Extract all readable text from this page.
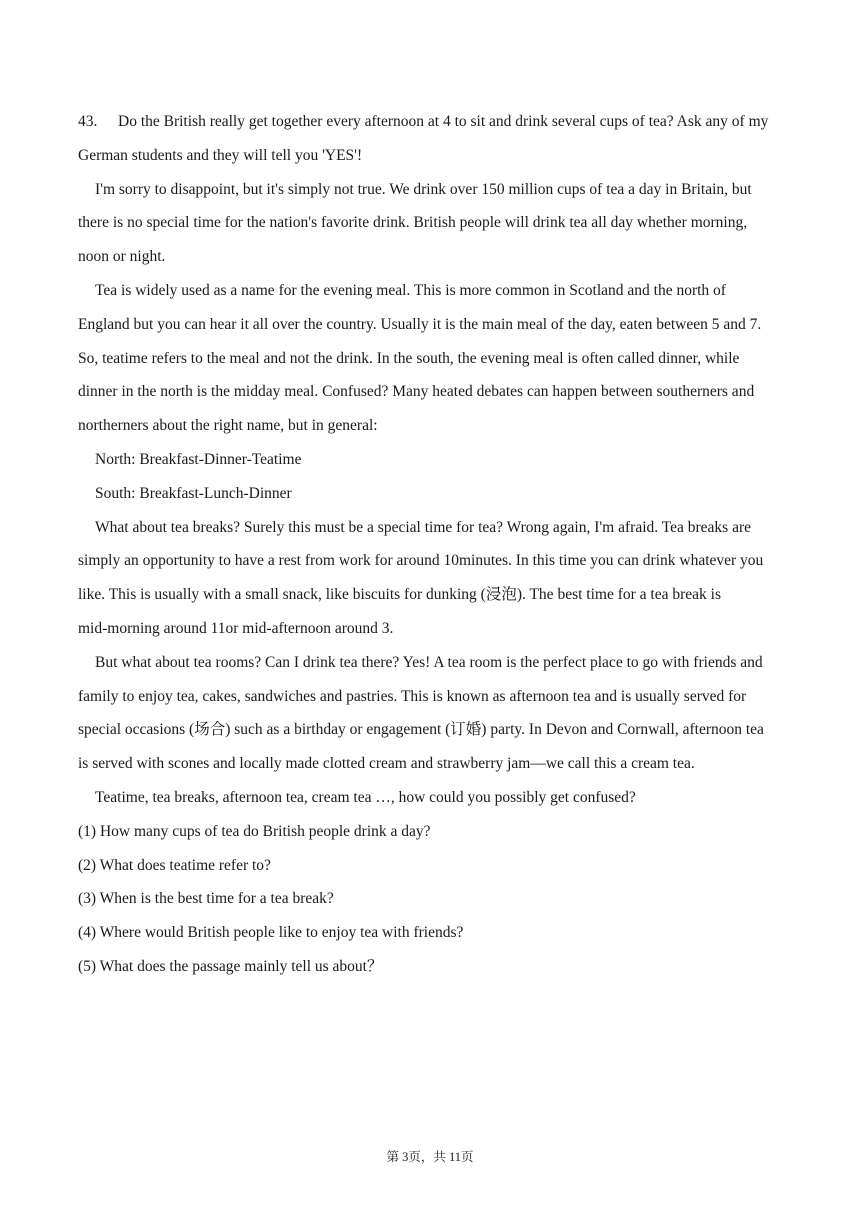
43. Do the British really get together every afternoon at 4 to sit and drink several cups of tea? Ask any of my
German students and they will tell you 'YES'!
I'm sorry to disappoint, but it's simply not true. We drink over 150 million cups of tea a day in Britain, but
there is no special time for the nation's favorite drink. British people will drink tea all day whether morning,
noon or night.
Tea is widely used as a name for the evening meal. This is more common in Scotland and the north of
England but you can hear it all over the country. Usually it is the main meal of the day, eaten between 5 and 7.
So, teatime refers to the meal and not the drink. In the south, the evening meal is often called dinner, while
dinner in the north is the midday meal. Confused? Many heated debates can happen between southerners and
northerners about the right name, but in general:
North: Breakfast-Dinner-Teatime
South: Breakfast-Lunch-Dinner
What about tea breaks? Surely this must be a special time for tea? Wrong again, I'm afraid. Tea breaks are
simply an opportunity to have a rest from work for around 10minutes. In this time you can drink whatever you
like. This is usually with a small snack, like biscuits for dunking (浸泡). The best time for a tea break is
mid-morning around 11or mid-afternoon around 3.
But what about tea rooms? Can I drink tea there? Yes! A tea room is the perfect place to go with friends and
family to enjoy tea, cakes, sandwiches and pastries. This is known as afternoon tea and is usually served for
special occasions (场合) such as a birthday or engagement (订婚) party. In Devon and Cornwall, afternoon tea
is served with scones and locally made clotted cream and strawberry jam—we call this a cream tea.
Teatime, tea breaks, afternoon tea, cream tea …, how could you possibly get confused?
(1) How many cups of tea do British people drink a day?
(2) What does teatime refer to?
(3) When is the best time for a tea break?
(4) Where would British people like to enjoy tea with friends?
(5) What does the passage mainly tell us about？
第 3页，共 11页
